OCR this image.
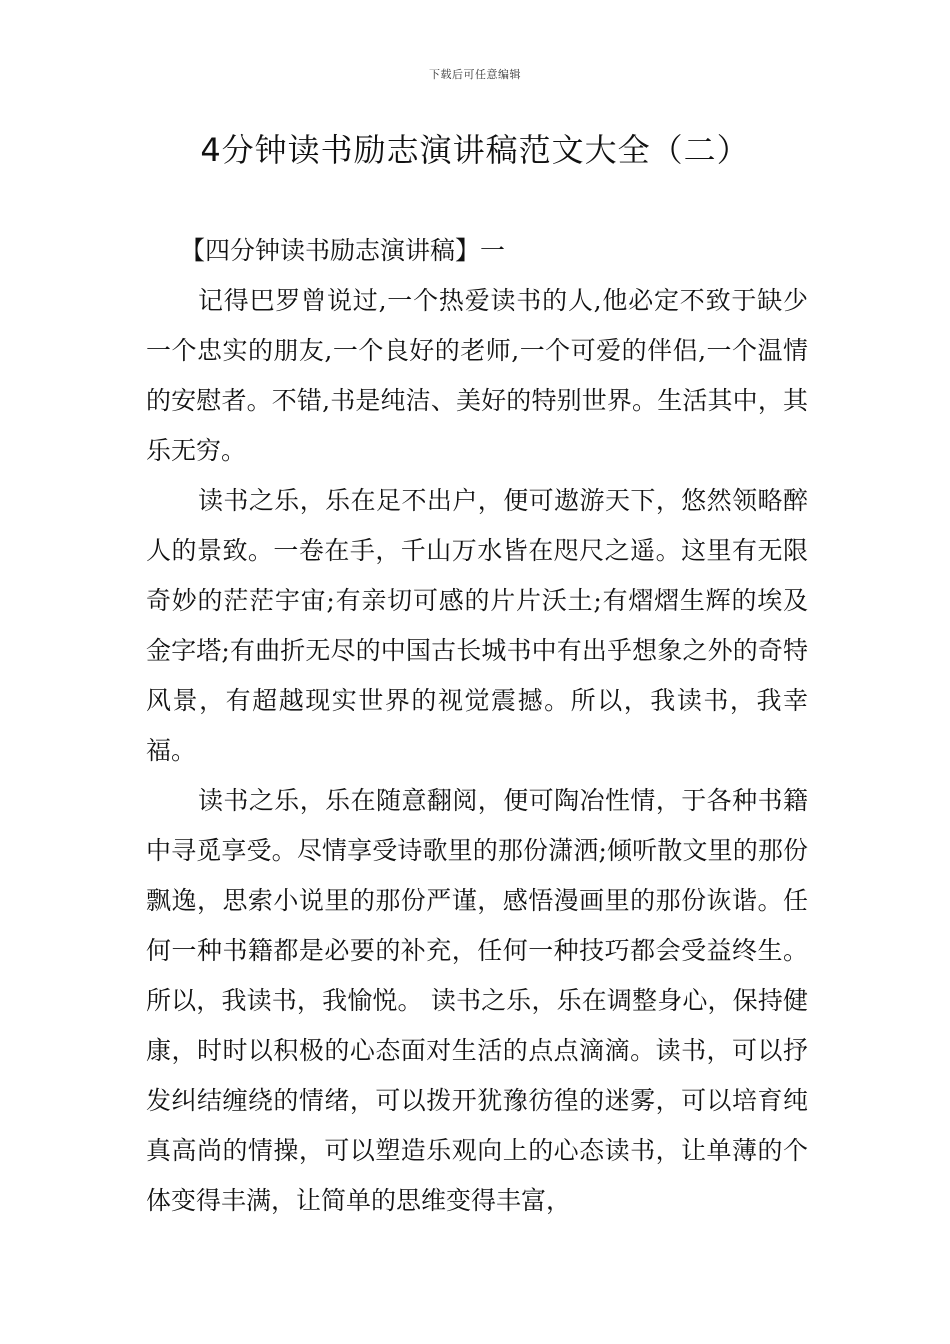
下载后可任意编辑
4分钟读书励志演讲稿范文大全（二）

【四分钟读书励志演讲稿】一

记得巴罗曾说过,一个热爱读书的人,他必定不致于缺少一个忠实的朋友,一个良好的老师,一个可爱的伴侣,一个温情的安慰者。不错,书是纯洁、美好的特别世界。生活其中，其乐无穷。

读书之乐，乐在足不出户，便可遨游天下，悠然领略醉人的景致。一卷在手，千山万水皆在咫尺之遥。这里有无限奇妙的茫茫宇宙;有亲切可感的片片沃土;有熠熠生辉的埃及金字塔;有曲折无尽的中国古长城书中有出乎想象之外的奇特风景，有超越现实世界的视觉震撼。所以，我读书，我幸福。

读书之乐，乐在随意翻阅，便可陶冶性情，于各种书籍中寻觅享受。尽情享受诗歌里的那份潇洒;倾听散文里的那份飘逸，思索小说里的那份严谨，感悟漫画里的那份诙谐。任何一种书籍都是必要的补充，任何一种技巧都会受益终生。所以，我读书，我愉悦。 读书之乐，乐在调整身心，保持健康，时时以积极的心态面对生活的点点滴滴。读书，可以抒发纠结缠绕的情绪，可以拨开犹豫彷徨的迷雾，可以培育纯真高尚的情操，可以塑造乐观向上的心态读书，让单薄的个体变得丰满，让简单的思维变得丰富，
